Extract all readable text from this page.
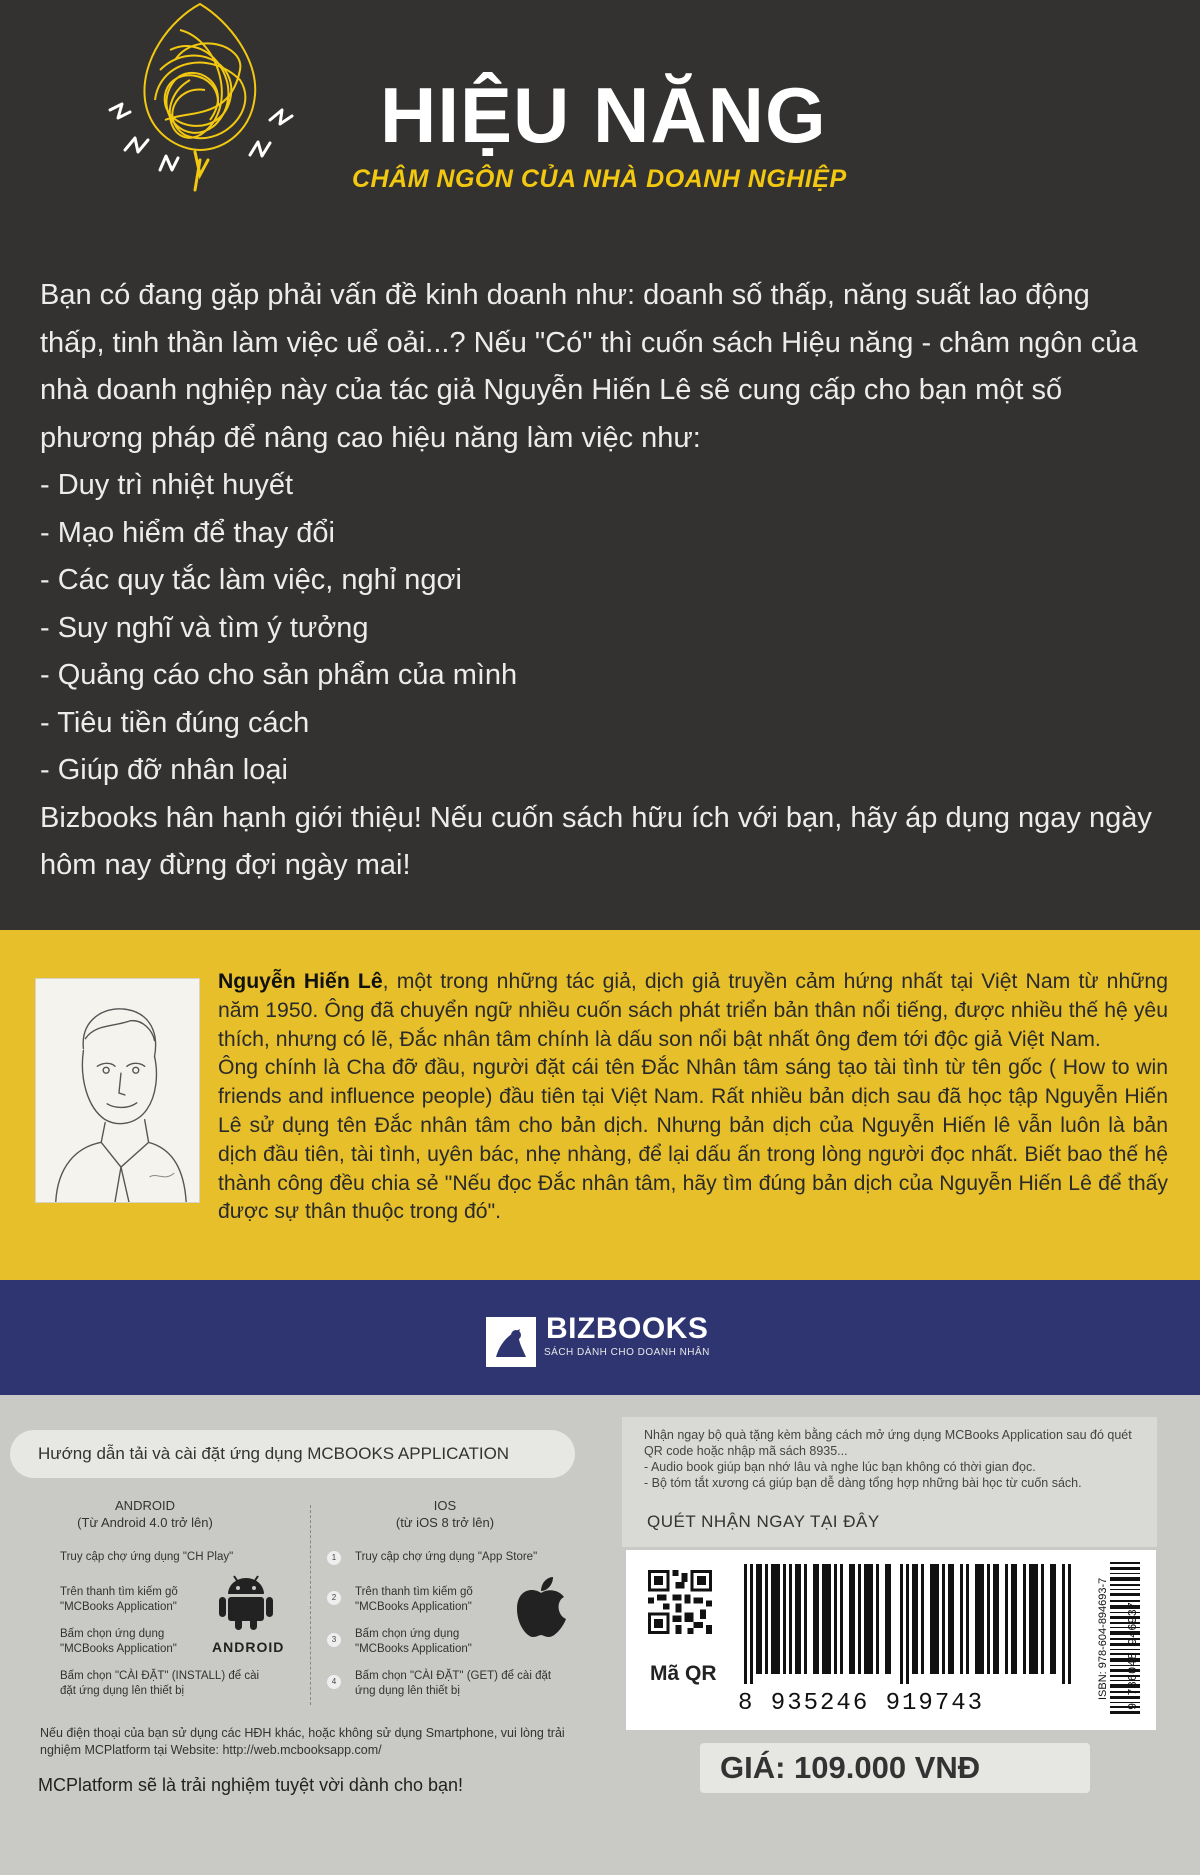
HIỆU NĂNG
CHÂM NGÔN CỦA NHÀ DOANH NGHIỆP

Bạn có đang gặp phải vấn đề kinh doanh như: doanh số thấp, năng suất lao động thấp, tinh thần làm việc uể oải...? Nếu "Có" thì cuốn sách Hiệu năng - châm ngôn của nhà doanh nghiệp này của tác giả Nguyễn Hiến Lê sẽ cung cấp cho bạn một số phương pháp để nâng cao hiệu năng làm việc như:

- Duy trì nhiệt huyết
- Mạo hiểm để thay đổi
- Các quy tắc làm việc, nghỉ ngơi
- Suy nghĩ và tìm ý tưởng
- Quảng cáo cho sản phẩm của mình
- Tiêu tiền đúng cách
- Giúp đỡ nhân loại

Bizbooks hân hạnh giới thiệu! Nếu cuốn sách hữu ích với bạn, hãy áp dụng ngay ngày hôm nay đừng đợi ngày mai!

Nguyễn Hiến Lê, một trong những tác giả, dịch giả truyền cảm hứng nhất tại Việt Nam từ những năm 1950. Ông đã chuyển ngữ nhiều cuốn sách phát triển bản thân nổi tiếng, được nhiều thế hệ yêu thích, nhưng có lẽ, Đắc nhân tâm chính là dấu son nổi bật nhất ông đem tới độc giả Việt Nam.

Ông chính là Cha đỡ đầu, người đặt cái tên Đắc Nhân tâm sáng tạo tài tình từ tên gốc ( How to win friends and influence people) đầu tiên tại Việt Nam. Rất nhiều bản dịch sau đã học tập Nguyễn Hiến Lê sử dụng tên Đắc nhân tâm cho bản dịch. Nhưng bản dịch của Nguyễn Hiến lê vẫn luôn là bản dịch đầu tiên, tài tình, uyên bác, nhẹ nhàng, để lại dấu ấn trong lòng người đọc nhất. Biết bao thế hệ thành công đều chia sẻ "Nếu đọc Đắc nhân tâm, hãy tìm đúng bản dịch của Nguyễn Hiến Lê để thấy được sự thân thuộc trong đó".

BIZBOOKS
SÁCH DÀNH CHO DOANH NHÂN
Hướng dẫn tải và cài đặt ứng dụng MCBOOKS APPLICATION
ANDROID
(Từ Android 4.0 trở lên)
IOS
(từ iOS 8 trở lên)
Truy cập chợ ứng dụng "CH Play"
Trên thanh tìm kiếm gõ "MCBooks Application"
Bấm chọn ứng dụng "MCBooks Application"
Bấm chọn "CÀI ĐẶT" (INSTALL) để cài đặt ứng dụng lên thiết bị
1
2
3
4
Truy cập chợ ứng dụng "App Store"
Trên thanh tìm kiếm gõ "MCBooks Application"
Bấm chọn ứng dụng "MCBooks Application"
Bấm chọn "CÀI ĐẶT" (GET) để cài đặt ứng dụng lên thiết bị
ANDROID
Nếu điện thoại của bạn sử dụng các HĐH khác, hoặc không sử dụng Smartphone, vui lòng trải nghiệm MCPlatform tại Website: http://web.mcbooksapp.com/
MCPlatform sẽ là trải nghiệm tuyệt vời dành cho bạn!
Nhận ngay bộ quà tặng kèm bằng cách mở ứng dụng MCBooks Application sau đó quét QR code hoặc nhập mã sách 8935...
- Audio book giúp bạn nhớ lâu và nghe lúc bạn không có thời gian đọc.
- Bộ tóm tắt xương cá giúp bạn dễ dàng tổng hợp những bài học từ cuốn sách.
QUÉT NHẬN NGAY TẠI ĐÂY
Mã QR
8 935246 919743
ISBN: 978-604-894693-7 9 786048 946937
GIÁ: 109.000 VNĐ
